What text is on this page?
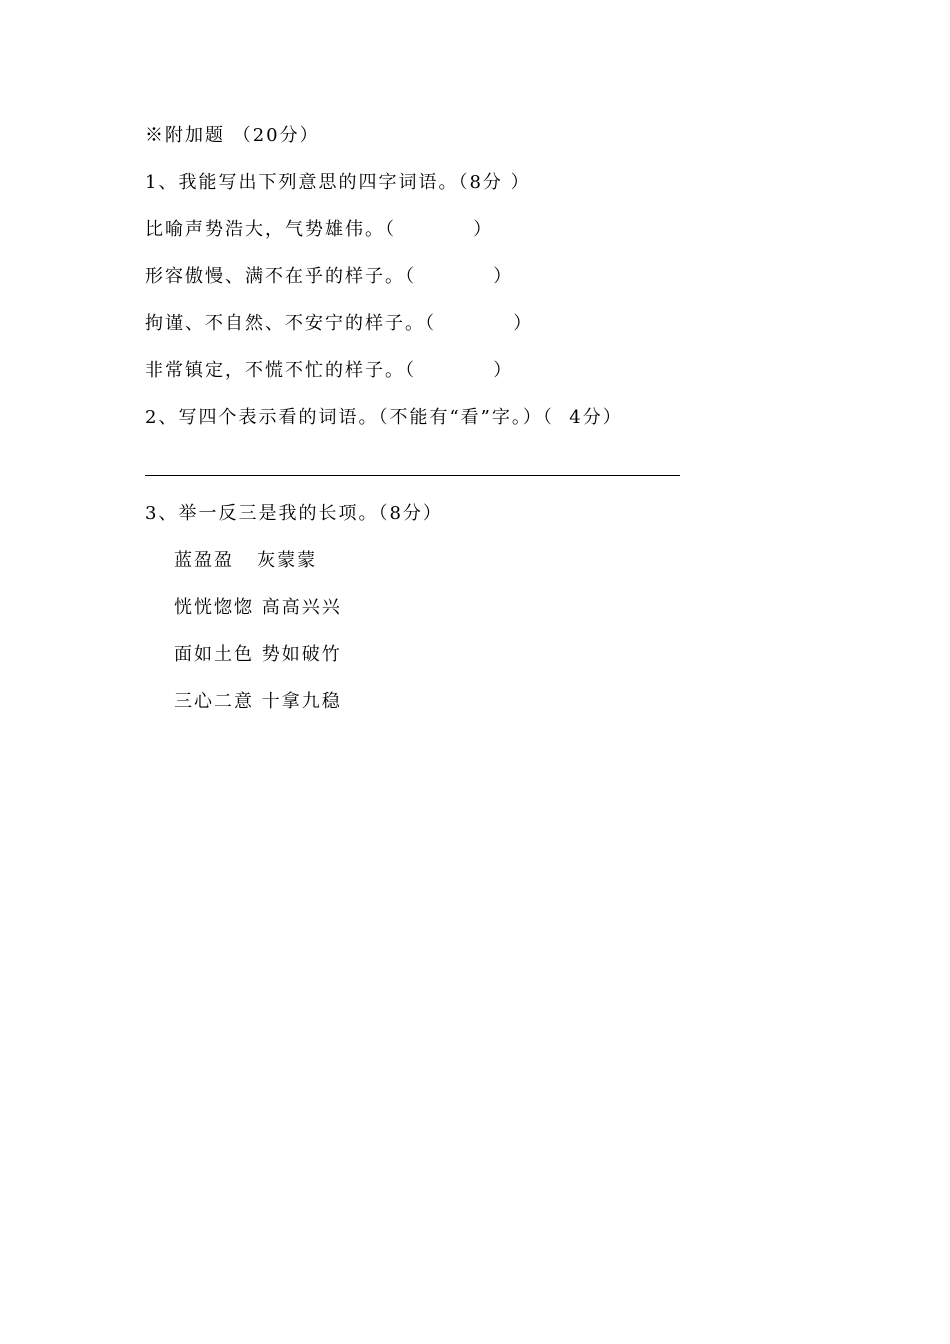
※附加题 （20分）
1、我能写出下列意思的四字词语。（8分 ）
比喻声势浩大，气势雄伟。（          ）
形容傲慢、满不在乎的样子。（          ）
拘谨、不自然、不安宁的样子。（          ）
非常镇定，不慌不忙的样子。（          ）
2、写四个表示看的词语。（不能有“看”字。）（  4分）
3、举一反三是我的长项。（8分）
蓝盈盈   灰蒙蒙
恍恍惚惚 高高兴兴
面如土色 势如破竹
三心二意 十拿九稳
